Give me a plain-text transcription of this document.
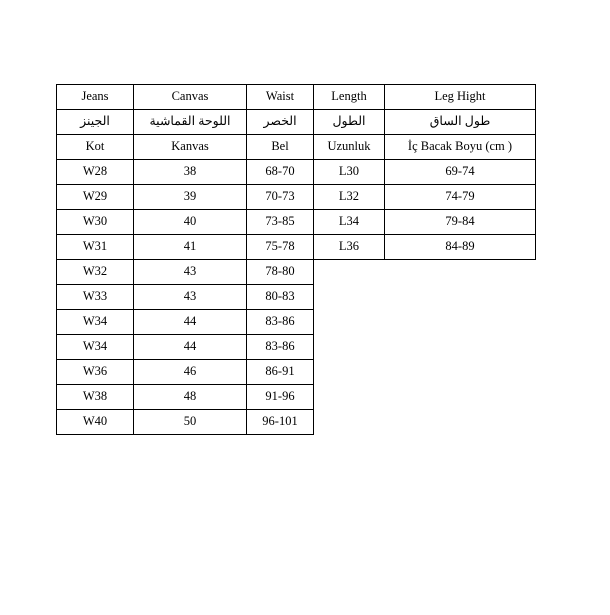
Jeans	Canvas	Waist	Length	Leg Hight
الجينز	اللوحة القماشية	الخصر	الطول	طول الساق
Kot	Kanvas	Bel	Uzunluk	İç Bacak Boyu (cm )
W28	38	68-70	L30	69-74
W29	39	70-73	L32	74-79
W30	40	73-85	L34	79-84
W31	41	75-78	L36	84-89
W32	43	78-80		
W33	43	80-83		
W34	44	83-86		
W34	44	83-86		
W36	46	86-91		
W38	48	91-96		
W40	50	96-101		
